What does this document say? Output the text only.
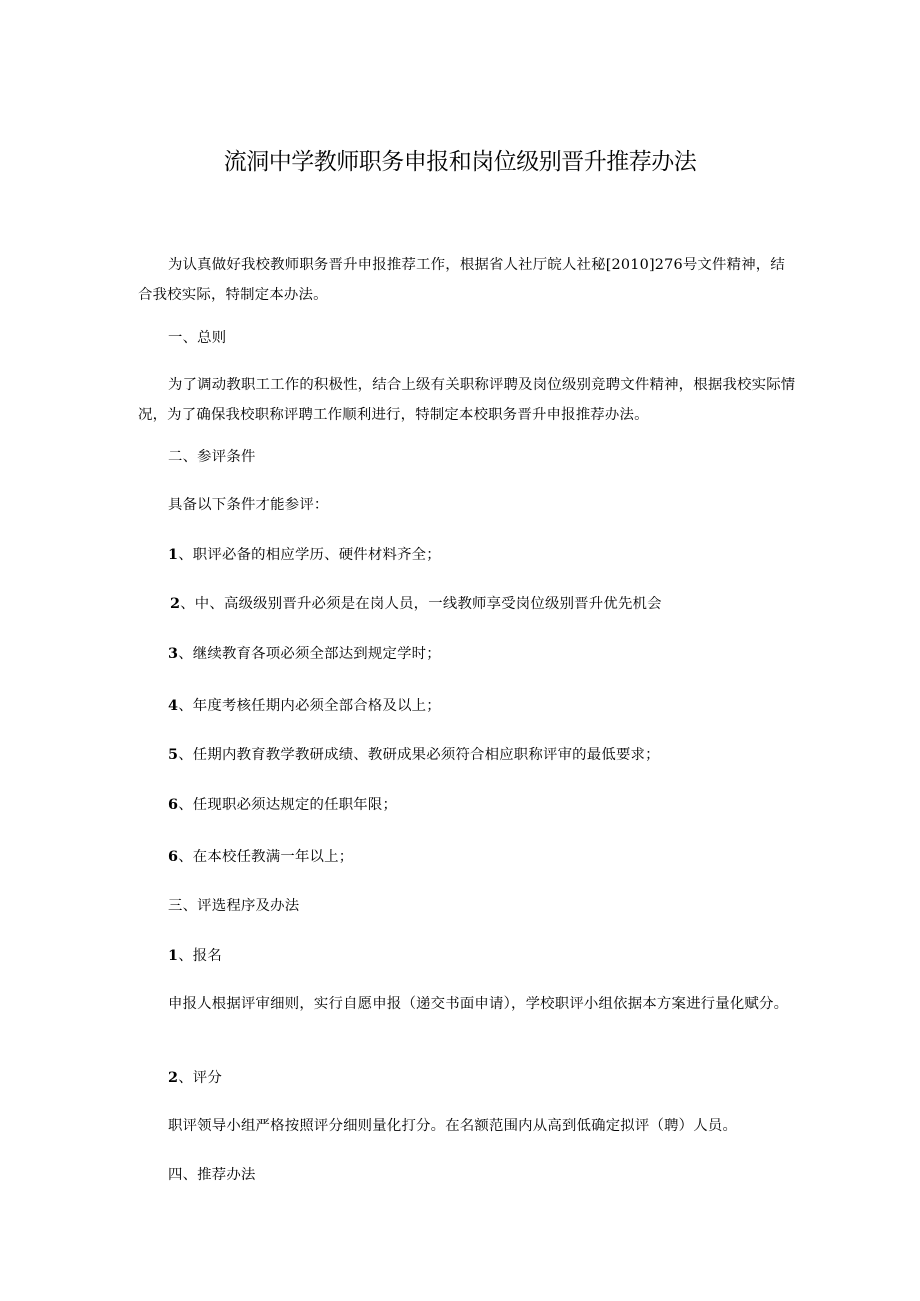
流洞中学教师职务申报和岗位级别晋升推荐办法

为认真做好我校教师职务晋升申报推荐工作，根据省人社厅皖人社秘[2010]276号文件精神，结合我校实际，特制定本办法。

一、总则

为了调动教职工工作的积极性，结合上级有关职称评聘及岗位级别竞聘文件精神，根据我校实际情况，为了确保我校职称评聘工作顺利进行，特制定本校职务晋升申报推荐办法。

二、参评条件

具备以下条件才能参评：

1、职评必备的相应学历、硬件材料齐全；

2、中、高级级别晋升必须是在岗人员，一线教师享受岗位级别晋升优先机会

3、继续教育各项必须全部达到规定学时；

4、年度考核任期内必须全部合格及以上；

5、任期内教育教学教研成绩、教研成果必须符合相应职称评审的最低要求；

6、任现职必须达规定的任职年限；

6、在本校任教满一年以上；

三、评选程序及办法

1、报名

申报人根据评审细则，实行自愿申报（递交书面申请），学校职评小组依据本方案进行量化赋分。

2、评分

职评领导小组严格按照评分细则量化打分。在名额范围内从高到低确定拟评（聘）人员。

四、推荐办法
